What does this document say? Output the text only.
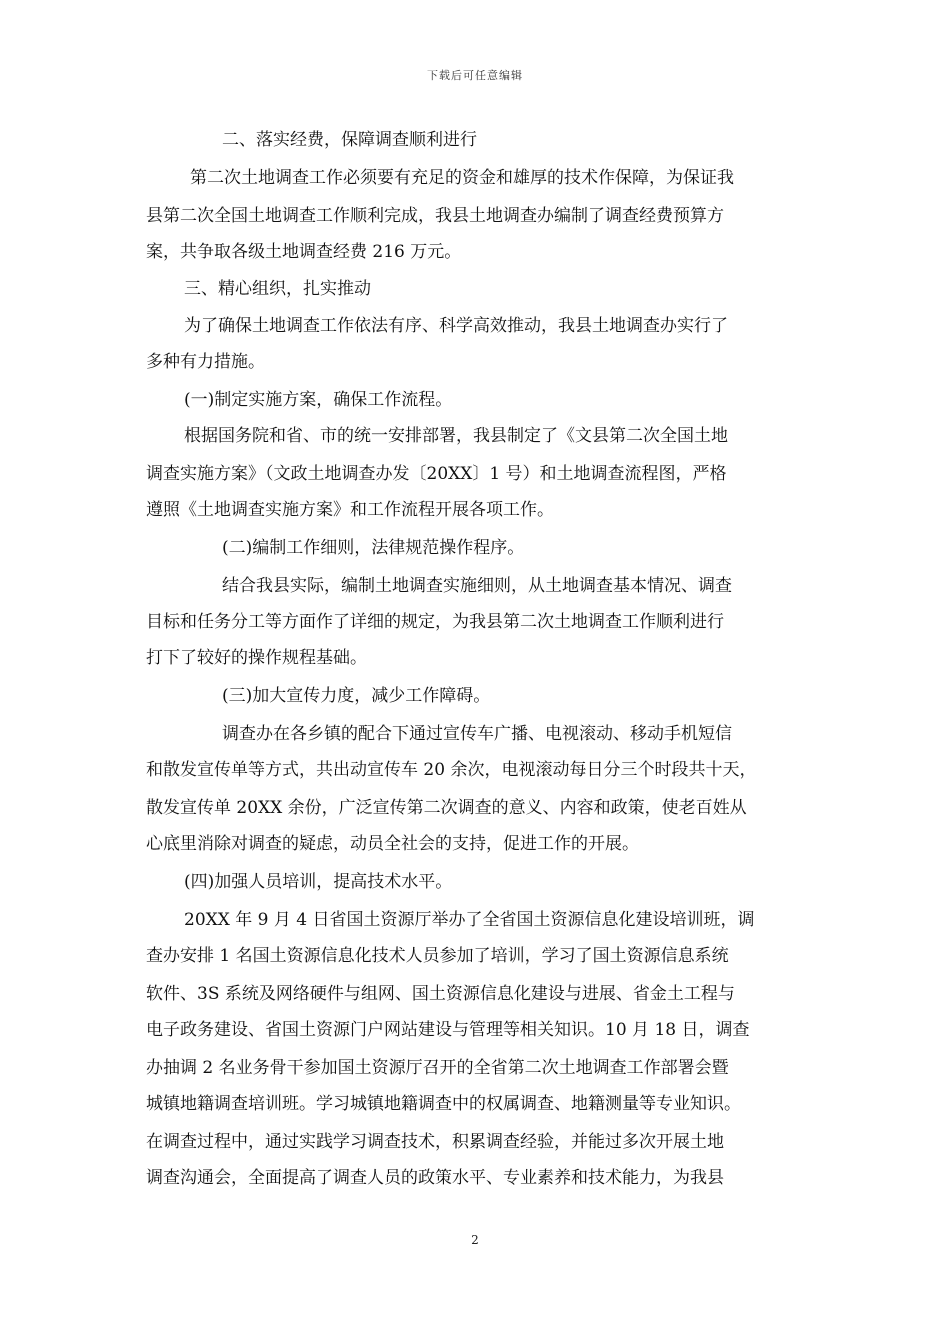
下载后可任意编辑
二、落实经费，保障调查顺利进行
第二次土地调查工作必须要有充足的资金和雄厚的技术作保障，为保证我
县第二次全国土地调查工作顺利完成，我县土地调查办编制了调查经费预算方
案，共争取各级土地调查经费 216 万元。
三、精心组织，扎实推动
为了确保土地调查工作依法有序、科学高效推动，我县土地调查办实行了
多种有力措施。
(一)制定实施方案，确保工作流程。
根据国务院和省、市的统一安排部署，我县制定了《文县第二次全国土地
调查实施方案》（文政土地调查办发〔20XX〕1 号）和土地调查流程图，严格
遵照《土地调查实施方案》和工作流程开展各项工作。
(二)编制工作细则，法律规范操作程序。
结合我县实际，编制土地调查实施细则，从土地调查基本情况、调查
目标和任务分工等方面作了详细的规定，为我县第二次土地调查工作顺利进行
打下了较好的操作规程基础。
(三)加大宣传力度，减少工作障碍。
调查办在各乡镇的配合下通过宣传车广播、电视滚动、移动手机短信
和散发宣传单等方式，共出动宣传车 20 余次，电视滚动每日分三个时段共十天，
散发宣传单 20XX 余份，广泛宣传第二次调查的意义、内容和政策，使老百姓从
心底里消除对调查的疑虑，动员全社会的支持，促进工作的开展。
(四)加强人员培训，提高技术水平。
20XX 年 9 月 4 日省国土资源厅举办了全省国土资源信息化建设培训班，调
查办安排 1 名国土资源信息化技术人员参加了培训，学习了国土资源信息系统
软件、3S 系统及网络硬件与组网、国土资源信息化建设与进展、省金土工程与
电子政务建设、省国土资源门户网站建设与管理等相关知识。10 月 18 日，调查
办抽调 2 名业务骨干参加国土资源厅召开的全省第二次土地调查工作部署会暨
城镇地籍调查培训班。学习城镇地籍调查中的权属调查、地籍测量等专业知识。
在调查过程中，通过实践学习调查技术，积累调查经验，并能过多次开展土地
调查沟通会，全面提高了调查人员的政策水平、专业素养和技术能力，为我县
2
